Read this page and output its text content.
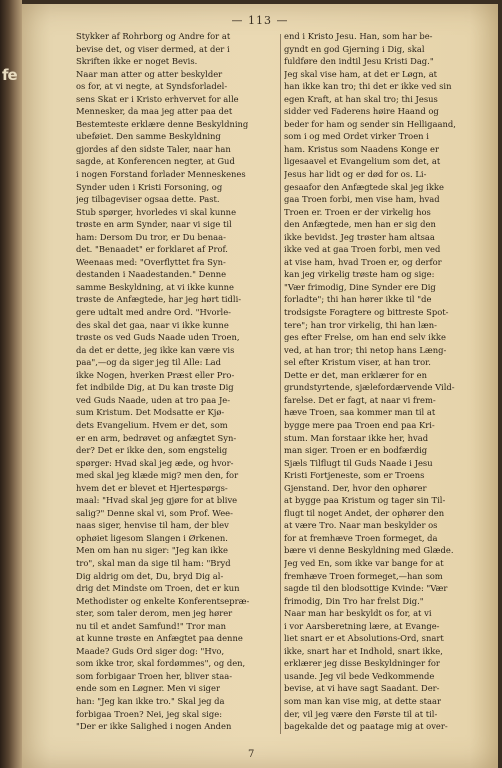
fe
— 113 —
Stykker af Rohrborg og Andre for at
bevise det, og viser dermed, at der i
Skriften ikke er noget Bevis.
Naar man atter og atter beskylder
os for, at vi negte, at Syndsforladel-
sens Skat er i Kristo erhvervet for alle
Mennesker, da maa jeg atter paa det
Bestemteste erklære denne Beskyldning
ubeføiet. Den samme Beskyldning
gjordes af den sidste Taler, naar han
sagde, at Konferencen negter, at Gud
i nogen Forstand forlader Menneskenes
Synder uden i Kristi Forsoning, og
jeg tilbageviser ogsaa dette. Past.
Stub spørger, hvorledes vi skal kunne
trøste en arm Synder, naar vi sige til
ham: Dersom Du tror, er Du benaa-
det. "Benaadet" er forklaret af Prof.
Weenaas med: "Overflyttet fra Syn-
destanden i Naadestanden." Denne
samme Beskyldning, at vi ikke kunne
trøste de Anfægtede, har jeg hørt tidli-
gere udtalt med andre Ord. "Hvorle-
des skal det gaa, naar vi ikke kunne
trøste os ved Guds Naade uden Troen,
da det er dette, jeg ikke kan være vis
paa",—og da siger jeg til Alle: Lad
ikke Nogen, hverken Præst eller Pro-
fet indbilde Dig, at Du kan trøste Dig
ved Guds Naade, uden at tro paa Je-
sum Kristum. Det Modsatte er Kjø-
dets Evangelium. Hvem er det, som
er en arm, bedrøvet og anfægtet Syn-
der? Det er ikke den, som engstelig
spørger: Hvad skal jeg æde, og hvor-
med skal jeg klæde mig? men den, for
hvem det er blevet et Hjertespørgs-
maal: "Hvad skal jeg gjøre for at blive
salig?" Denne skal vi, som Prof. Wee-
naas siger, henvise til ham, der blev
ophøiet ligesom Slangen i Ørkenen.
Men om han nu siger: "Jeg kan ikke
tro", skal man da sige til ham: "Bryd
Dig aldrig om det, Du, bryd Dig al-
drig det Mindste om Troen, det er kun
Methodister og enkelte Konferentsepræ-
ster, som taler derom, men jeg hører
nu til et andet Samfund!" Tror man
at kunne trøste en Anfægtet paa denne
Maade? Guds Ord siger dog: "Hvo,
som ikke tror, skal fordømmes", og den,
som forbigaar Troen her, bliver staa-
ende som en Løgner. Men vi siger
han: "Jeg kan ikke tro." Skal jeg da
forbigaa Troen? Nei, jeg skal sige:
"Der er ikke Salighed i nogen Anden
end i Kristo Jesu. Han, som har be-
gyndt en god Gjerning i Dig, skal
fuldføre den indtil Jesu Kristi Dag."
Jeg skal vise ham, at det er Løgn, at
han ikke kan tro; thi det er ikke ved sin
egen Kraft, at han skal tro; thi Jesus
sidder ved Faderens høire Haand og
beder for ham og sender sin Helligaand,
som i og med Ordet virker Troen i
ham. Kristus som Naadens Konge er
ligesaavel et Evangelium som det, at
Jesus har lidt og er død for os. Li-
gesaafor den Anfægtede skal jeg ikke
gaa Troen forbi, men vise ham, hvad
Troen er. Troen er der virkelig hos
den Anfægtede, men han er sig den
ikke bevidst. Jeg trøster ham altsaa
ikke ved at gaa Troen forbi, men ved
at vise ham, hvad Troen er, og derfor
kan jeg virkelig trøste ham og sige:
"Vær frimodig, Dine Synder ere Dig
forladte"; thi han hører ikke til "de
trodsigste Foragtere og bittreste Spot-
tere"; han tror virkelig, thi han læn-
ges efter Frelse, om han end selv ikke
ved, at han tror; thi netop hans Læng-
sel efter Kristum viser, at han tror.
Dette er det, man erklærer for en
grundstyrtende, sjælefordærvende Vild-
farelse. Det er fagt, at naar vi frem-
hæve Troen, saa kommer man til at
bygge mere paa Troen end paa Kri-
stum. Man forstaar ikke her, hvad
man siger. Troen er en bodfærdig
Sjæls Tilflugt til Guds Naade i Jesu
Kristi Fortjeneste, som er Troens
Gjenstand. Der, hvor den ophører
at bygge paa Kristum og tager sin Til-
flugt til noget Andet, der ophører den
at være Tro. Naar man beskylder os
for at fremhæve Troen formeget, da
bære vi denne Beskyldning med Glæde.
Jeg ved En, som ikke var bange for at
fremhæve Troen formeget,—han som
sagde til den blodsottige Kvinde: "Vær
frimodig, Din Tro har frelst Dig."
Naar man har beskyldt os for, at vi
i vor Aarsberetning lære, at Evange-
liet snart er et Absolutions-Ord, snart
ikke, snart har et Indhold, snart ikke,
erklærer jeg disse Beskyldninger for
usande. Jeg vil bede Vedkommende
bevise, at vi have sagt Saadant. Der-
som man kan vise mig, at dette staar
der, vil jeg være den Første til at til-
bagekalde det og paatage mig at over-
7
